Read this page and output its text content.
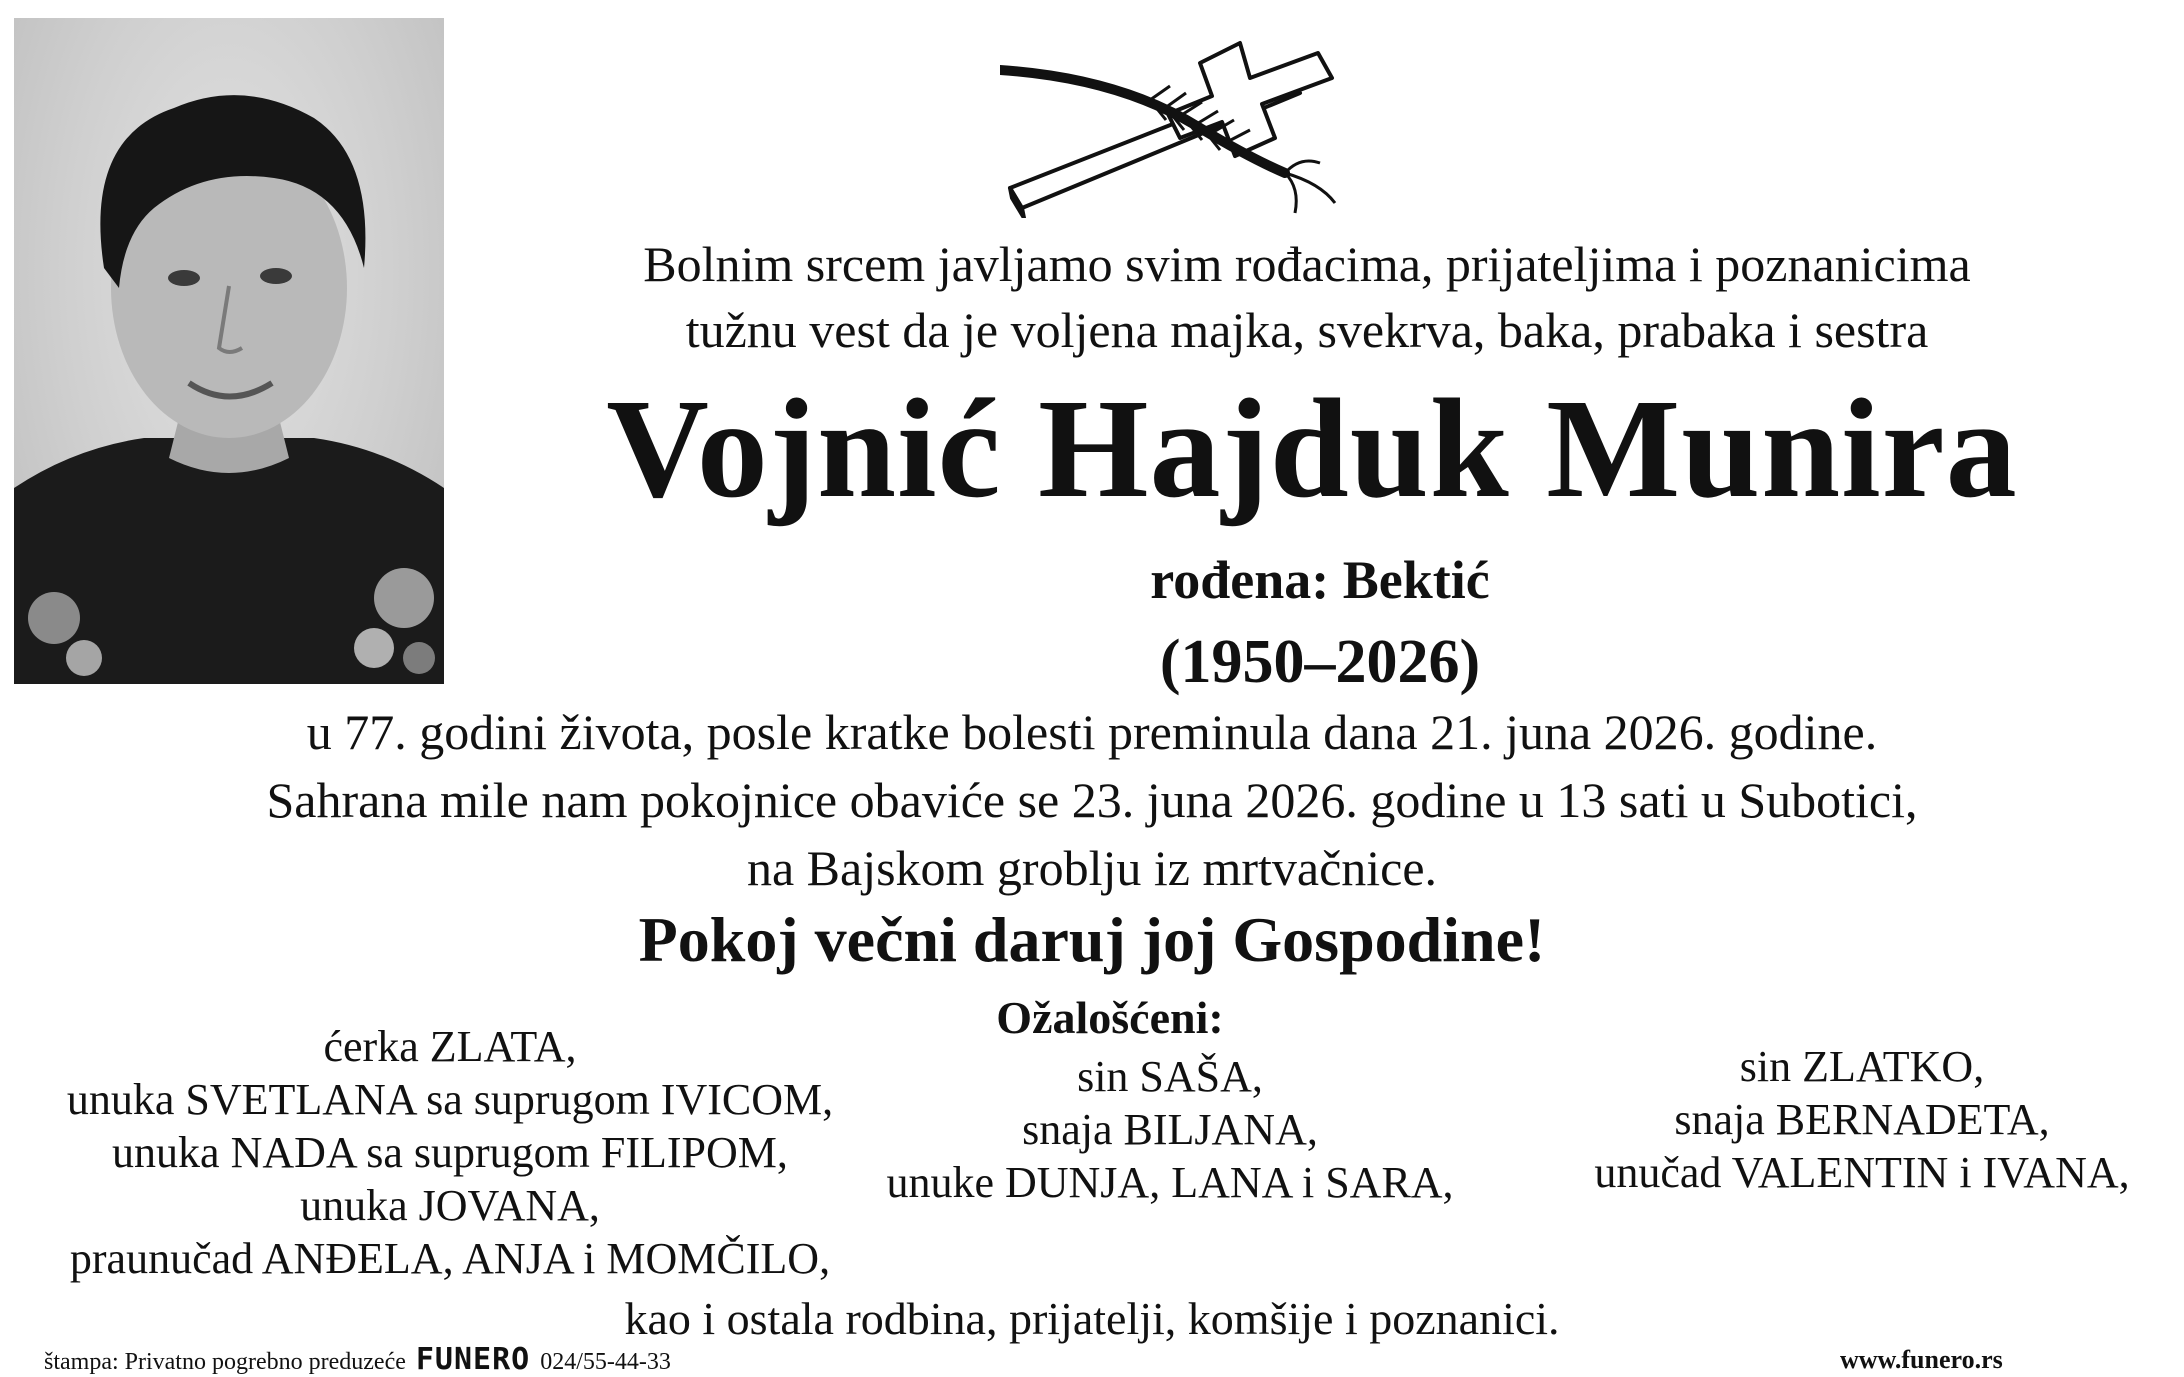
Bolnim srcem javljamo svim rođacima, prijateljima i poznanicima
tužnu vest da je voljena majka, svekrva, baka, prabaka i sestra
Vojnić Hajduk Munira
rođena: Bektić
(1950–2026)
u 77. godini života, posle kratke bolesti preminula dana 21. juna 2026. godine.
Sahrana mile nam pokojnice obaviće se 23. juna 2026. godine u 13 sati u Subotici,
na Bajskom groblju iz mrtvačnice.
Pokoj večni daruj joj Gospodine!
Ožalošćeni:
ćerka ZLATA,
unuka SVETLANA sa suprugom IVICOM,
unuka NADA sa suprugom FILIPOM,
unuka JOVANA,
praunučad ANĐELA, ANJA i MOMČILO,
sin SAŠA,
snaja BILJANA,
unuke DUNJA, LANA i SARA,
sin ZLATKO,
snaja BERNADETA,
unučad VALENTIN i IVANA,
kao i ostala rodbina, prijatelji, komšije i poznanici.
štampa: Privatno pogrebno preduzeće FUNERO 024/55-44-33	www.funero.rs
